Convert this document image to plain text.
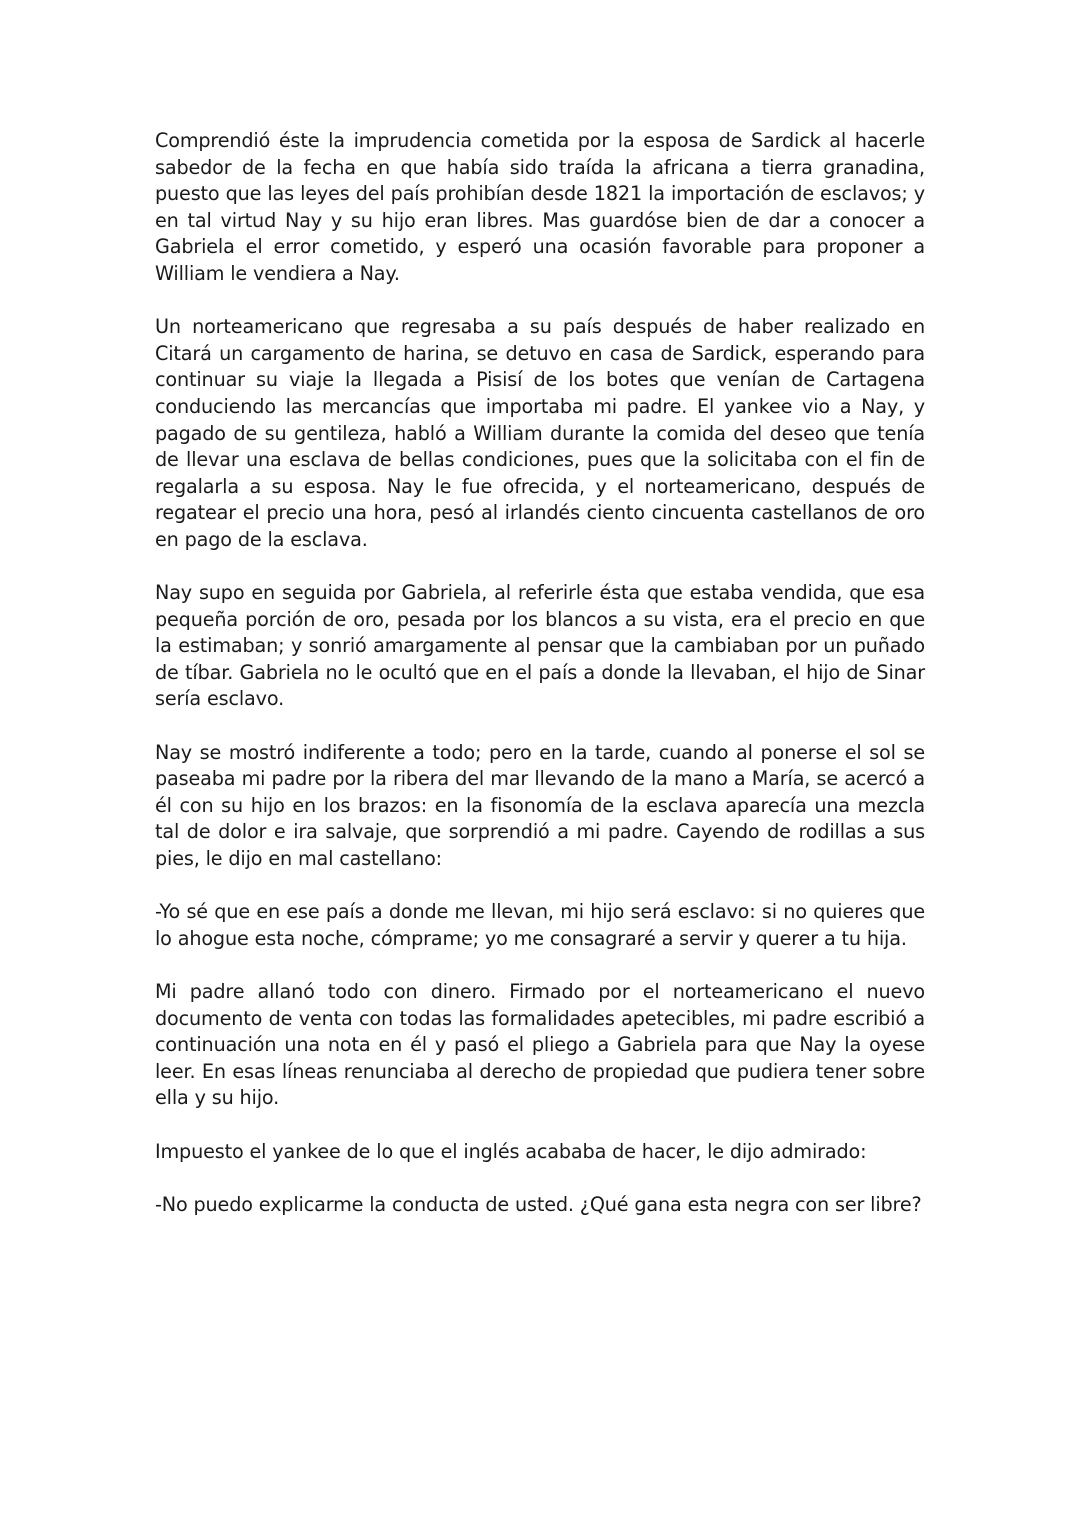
Comprendió éste la imprudencia cometida por la esposa de Sardick al hacerle sabedor de la fecha en que había sido traída la africana a tierra granadina, puesto que las leyes del país prohibían desde 1821 la importación de esclavos; y en tal virtud Nay y su hijo eran libres. Mas guardóse bien de dar a conocer a Gabriela el error cometido, y esperó una ocasión favorable para proponer a William le vendiera a Nay.

Un norteamericano que regresaba a su país después de haber realizado en Citará un cargamento de harina, se detuvo en casa de Sardick, esperando para continuar su viaje la llegada a Pisisí de los botes que venían de Cartagena conduciendo las mercancías que importaba mi padre. El yankee vio a Nay, y pagado de su gentileza, habló a William durante la comida del deseo que tenía de llevar una esclava de bellas condiciones, pues que la solicitaba con el fin de regalarla a su esposa. Nay le fue ofrecida, y el norteamericano, después de regatear el precio una hora, pesó al irlandés ciento cincuenta castellanos de oro en pago de la esclava.

Nay supo en seguida por Gabriela, al referirle ésta que estaba vendida, que esa pequeña porción de oro, pesada por los blancos a su vista, era el precio en que la estimaban; y sonrió amargamente al pensar que la cambiaban por un puñado de tíbar. Gabriela no le ocultó que en el país a donde la llevaban, el hijo de Sinar sería esclavo.

Nay se mostró indiferente a todo; pero en la tarde, cuando al ponerse el sol se paseaba mi padre por la ribera del mar llevando de la mano a María, se acercó a él con su hijo en los brazos: en la fisonomía de la esclava aparecía una mezcla tal de dolor e ira salvaje, que sorprendió a mi padre. Cayendo de rodillas a sus pies, le dijo en mal castellano:

-Yo sé que en ese país a donde me llevan, mi hijo será esclavo: si no quieres que lo ahogue esta noche, cómprame; yo me consagraré a servir y querer a tu hija.

Mi padre allanó todo con dinero. Firmado por el norteamericano el nuevo documento de venta con todas las formalidades apetecibles, mi padre escribió a continuación una nota en él y pasó el pliego a Gabriela para que Nay la oyese leer. En esas líneas renunciaba al derecho de propiedad que pudiera tener sobre ella y su hijo.

Impuesto el yankee de lo que el inglés acababa de hacer, le dijo admirado:

-No puedo explicarme la conducta de usted. ¿Qué gana esta negra con ser libre?
